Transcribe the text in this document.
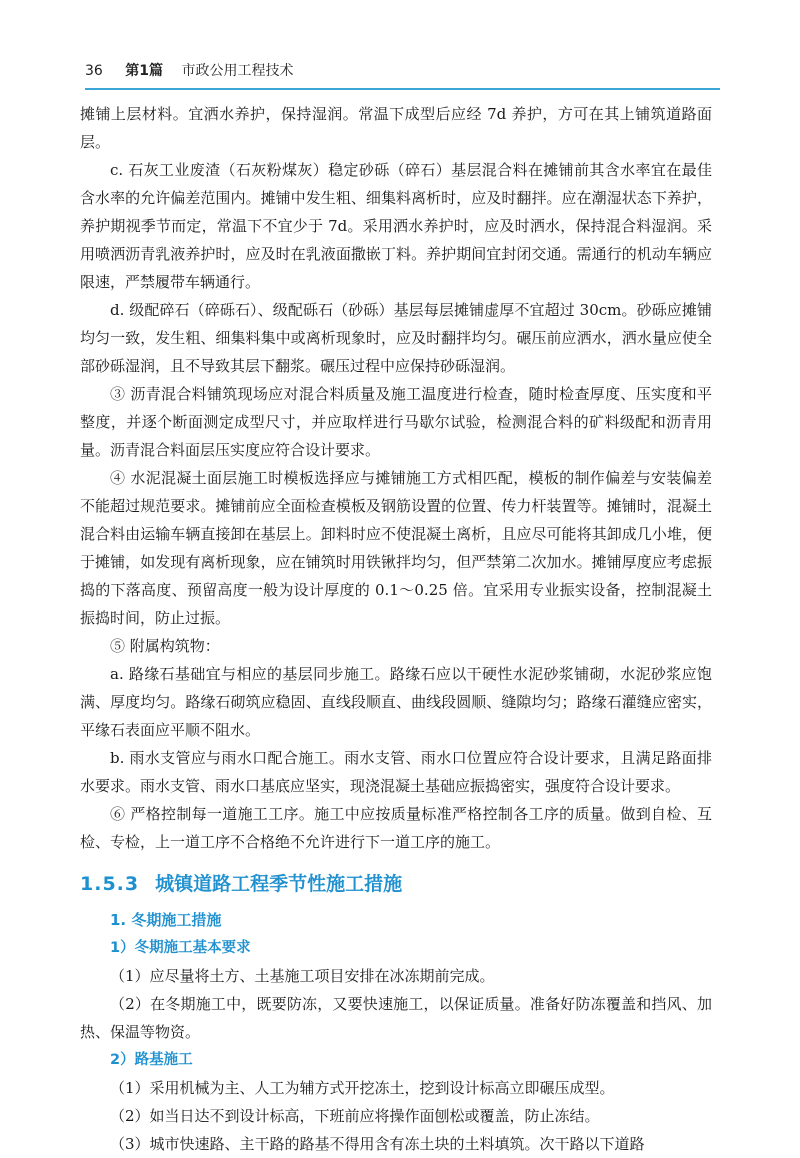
36 第1篇 市政公用工程技术

摊铺上层材料。宜洒水养护，保持湿润。常温下成型后应经 7d 养护，方可在其上铺筑道路面层。

c. 石灰工业废渣（石灰粉煤灰）稳定砂砾（碎石）基层混合料在摊铺前其含水率宜在最佳含水率的允许偏差范围内。摊铺中发生粗、细集料离析时，应及时翻拌。应在潮湿状态下养护，养护期视季节而定，常温下不宜少于 7d。采用洒水养护时，应及时洒水，保持混合料湿润。采用喷洒沥青乳液养护时，应及时在乳液面撒嵌丁料。养护期间宜封闭交通。需通行的机动车辆应限速，严禁履带车辆通行。

d. 级配碎石（碎砾石）、级配砾石（砂砾）基层每层摊铺虚厚不宜超过 30cm。砂砾应摊铺均匀一致，发生粗、细集料集中或离析现象时，应及时翻拌均匀。碾压前应洒水，洒水量应使全部砂砾湿润，且不导致其层下翻浆。碾压过程中应保持砂砾湿润。

③ 沥青混合料铺筑现场应对混合料质量及施工温度进行检查，随时检查厚度、压实度和平整度，并逐个断面测定成型尺寸，并应取样进行马歇尔试验，检测混合料的矿料级配和沥青用量。沥青混合料面层压实度应符合设计要求。

④ 水泥混凝土面层施工时模板选择应与摊铺施工方式相匹配，模板的制作偏差与安装偏差不能超过规范要求。摊铺前应全面检查模板及钢筋设置的位置、传力杆装置等。摊铺时，混凝土混合料由运输车辆直接卸在基层上。卸料时应不使混凝土离析，且应尽可能将其卸成几小堆，便于摊铺，如发现有离析现象，应在铺筑时用铁锹拌均匀，但严禁第二次加水。摊铺厚度应考虑振捣的下落高度、预留高度一般为设计厚度的 0.1～0.25 倍。宜采用专业振实设备，控制混凝土振捣时间，防止过振。

⑤ 附属构筑物：

a. 路缘石基础宜与相应的基层同步施工。路缘石应以干硬性水泥砂浆铺砌，水泥砂浆应饱满、厚度均匀。路缘石砌筑应稳固、直线段顺直、曲线段圆顺、缝隙均匀；路缘石灌缝应密实，平缘石表面应平顺不阻水。

b. 雨水支管应与雨水口配合施工。雨水支管、雨水口位置应符合设计要求，且满足路面排水要求。雨水支管、雨水口基底应坚实，现浇混凝土基础应振捣密实，强度符合设计要求。

⑥ 严格控制每一道施工工序。施工中应按质量标准严格控制各工序的质量。做到自检、互检、专检，上一道工序不合格绝不允许进行下一道工序的施工。

1.5.3 城镇道路工程季节性施工措施

1. 冬期施工措施

1）冬期施工基本要求

（1）应尽量将土方、土基施工项目安排在冰冻期前完成。

（2）在冬期施工中，既要防冻，又要快速施工，以保证质量。准备好防冻覆盖和挡风、加热、保温等物资。

2）路基施工

（1）采用机械为主、人工为辅方式开挖冻土，挖到设计标高立即碾压成型。

（2）如当日达不到设计标高，下班前应将操作面刨松或覆盖，防止冻结。

（3）城市快速路、主干路的路基不得用含有冻土块的土料填筑。次干路以下道路
